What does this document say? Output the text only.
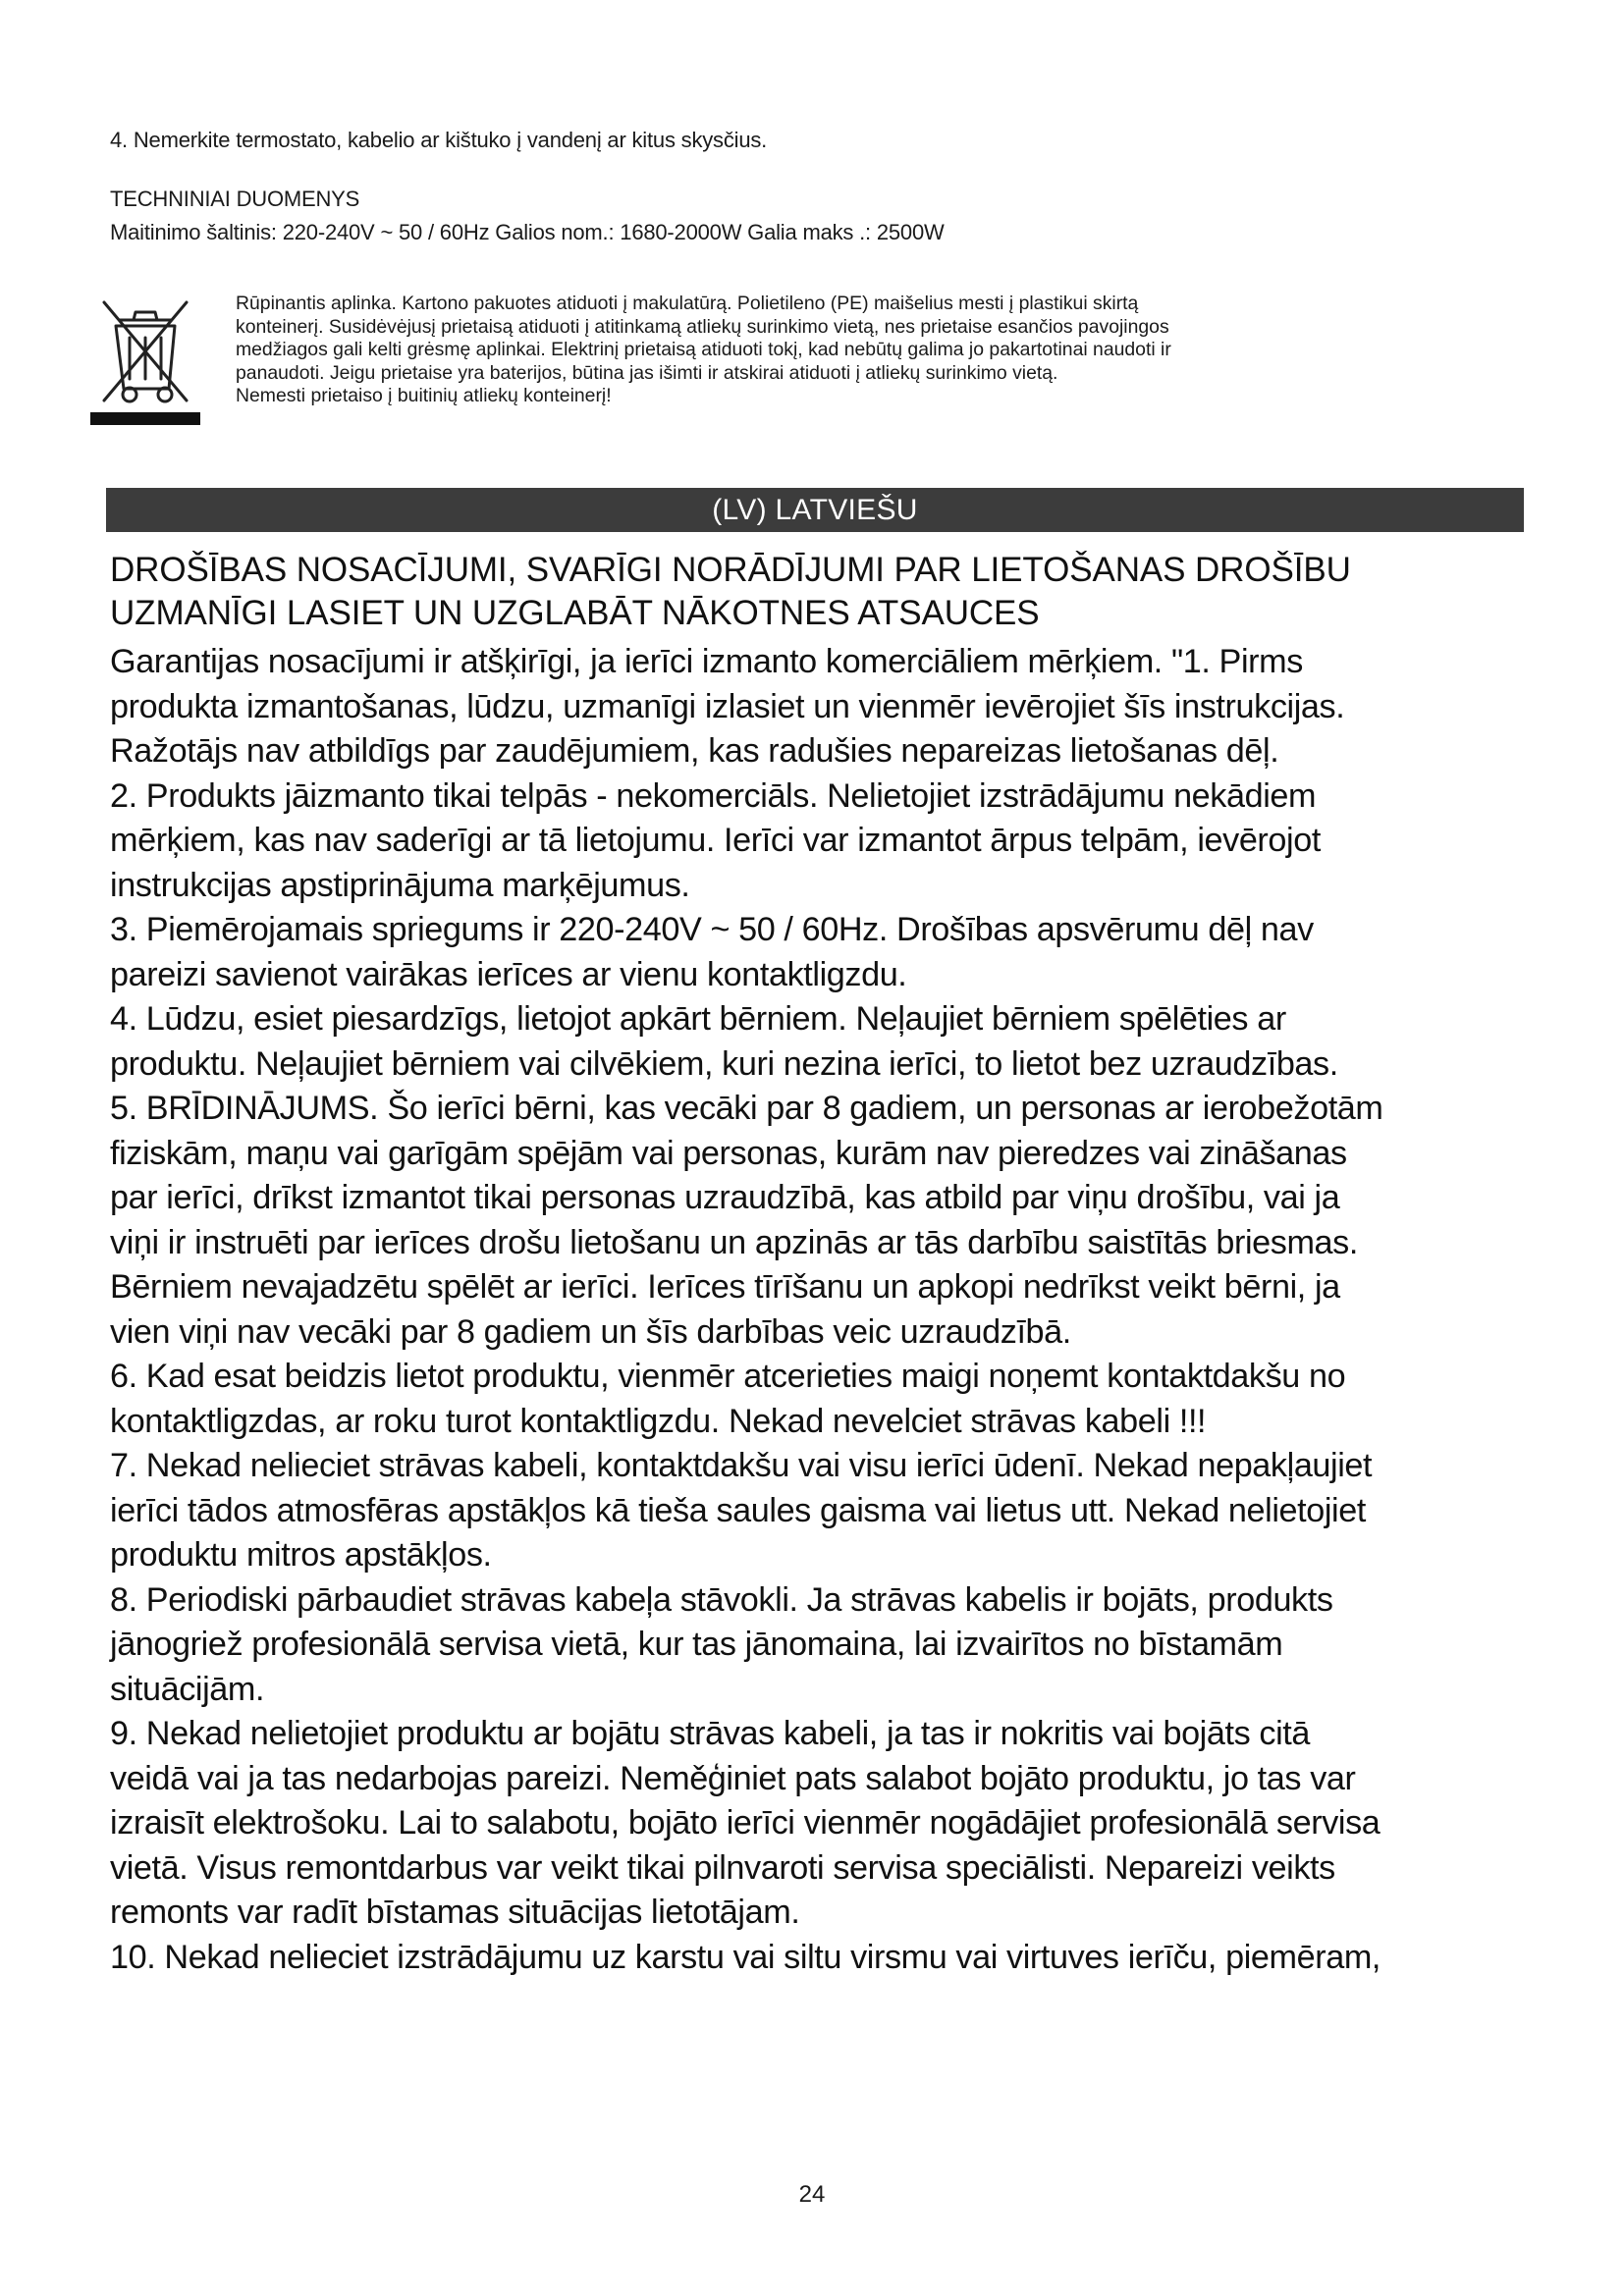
4. Nemerkite termostato, kabelio ar kištuko į vandenį ar kitus skysčius.
TECHNINIAI DUOMENYS
Maitinimo šaltinis: 220-240V ~ 50 / 60Hz Galios nom.: 1680-2000W Galia maks .: 2500W
Rūpinantis aplinka. Kartono pakuotes atiduoti į makulatūrą. Polietileno (PE) maišelius mesti į plastikui skirtą
konteinerį. Susidėvėjusį prietaisą atiduoti į atitinkamą atliekų surinkimo vietą, nes prietaise esančios pavojingos
medžiagos gali kelti grėsmę aplinkai. Elektrinį prietaisą atiduoti tokį, kad nebūtų galima jo pakartotinai naudoti ir
panaudoti. Jeigu prietaise yra baterijos, būtina jas išimti ir atskirai atiduoti į atliekų surinkimo vietą.
Nemesti prietaiso į buitinių atliekų konteinerį!
(LV) LATVIEŠU
DROŠĪBAS NOSACĪJUMI, SVARĪGI NORĀDĪJUMI PAR LIETOŠANAS DROŠĪBU
UZMANĪGI LASIET UN UZGLABĀT NĀKOTNES ATSAUCES
Garantijas nosacījumi ir atšķirīgi, ja ierīci izmanto komerciāliem mērķiem. "1. Pirms
produkta izmantošanas, lūdzu, uzmanīgi izlasiet un vienmēr ievērojiet šīs instrukcijas.
Ražotājs nav atbildīgs par zaudējumiem, kas radušies nepareizas lietošanas dēļ.
2. Produkts jāizmanto tikai telpās - nekomerciāls. Nelietojiet izstrādājumu nekādiem
mērķiem, kas nav saderīgi ar tā lietojumu. Ierīci var izmantot ārpus telpām, ievērojot
instrukcijas apstiprinājuma marķējumus.
3. Piemērojamais spriegums ir 220-240V ~ 50 / 60Hz. Drošības apsvērumu dēļ nav
pareizi savienot vairākas ierīces ar vienu kontaktligzdu.
4. Lūdzu, esiet piesardzīgs, lietojot apkārt bērniem. Neļaujiet bērniem spēlēties ar
produktu. Neļaujiet bērniem vai cilvēkiem, kuri nezina ierīci, to lietot bez uzraudzības.
5. BRĪDINĀJUMS. Šo ierīci bērni, kas vecāki par 8 gadiem, un personas ar ierobežotām
fiziskām, maņu vai garīgām spējām vai personas, kurām nav pieredzes vai zināšanas
par ierīci, drīkst izmantot tikai personas uzraudzībā, kas atbild par viņu drošību, vai ja
viņi ir instruēti par ierīces drošu lietošanu un apzinās ar tās darbību saistītās briesmas.
Bērniem nevajadzētu spēlēt ar ierīci. Ierīces tīrīšanu un apkopi nedrīkst veikt bērni, ja
vien viņi nav vecāki par 8 gadiem un šīs darbības veic uzraudzībā.
6. Kad esat beidzis lietot produktu, vienmēr atcerieties maigi noņemt kontaktdakšu no
kontaktligzdas, ar roku turot kontaktligzdu. Nekad nevelciet strāvas kabeli !!!
7. Nekad nelieciet strāvas kabeli, kontaktdakšu vai visu ierīci ūdenī. Nekad nepakļaujiet
ierīci tādos atmosfēras apstākļos kā tieša saules gaisma vai lietus utt. Nekad nelietojiet
produktu mitros apstākļos.
8. Periodiski pārbaudiet strāvas kabeļa stāvokli. Ja strāvas kabelis ir bojāts, produkts
jānogriež profesionālā servisa vietā, kur tas jānomaina, lai izvairītos no bīstamām
situācijām.
9. Nekad nelietojiet produktu ar bojātu strāvas kabeli, ja tas ir nokritis vai bojāts citā
veidā vai ja tas nedarbojas pareizi. Neměģiniet pats salabot bojāto produktu, jo tas var
izraisīt elektrošoku. Lai to salabotu, bojāto ierīci vienmēr nogādājiet profesionālā servisa
vietā. Visus remontdarbus var veikt tikai pilnvaroti servisa speciālisti. Nepareizi veikts
remonts var radīt bīstamas situācijas lietotājam.
10. Nekad nelieciet izstrādājumu uz karstu vai siltu virsmu vai virtuves ierīču, piemēram,
24
